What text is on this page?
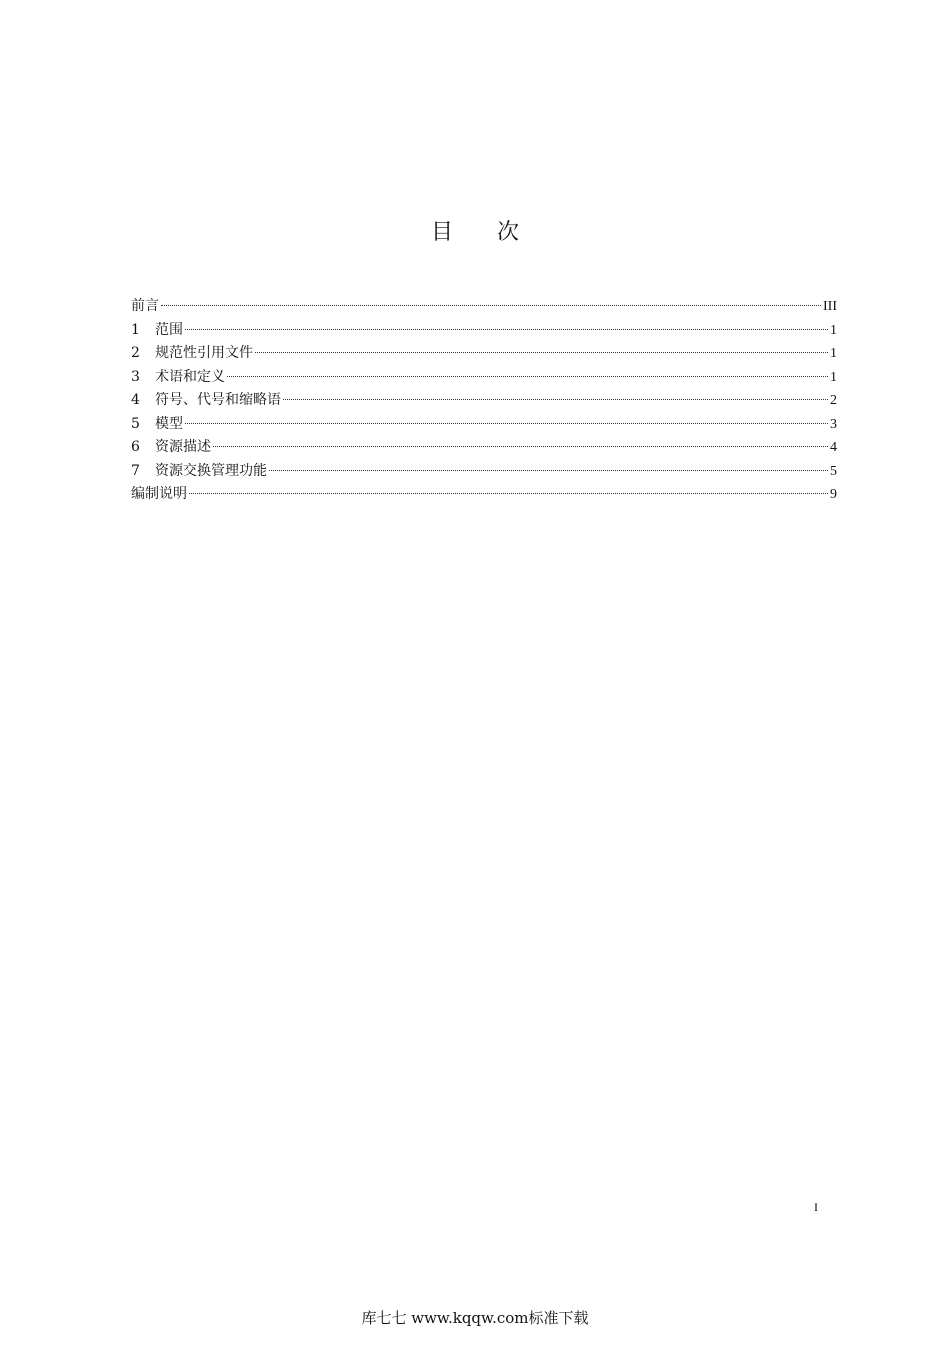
目次
前言	III
1	范围	1
2	规范性引用文件	1
3	术语和定义	1
4	符号、代号和缩略语	2
5	模型	3
6	资源描述	4
7	资源交换管理功能	5
编制说明	9
I
库七七 www.kqqw.com标准下载
